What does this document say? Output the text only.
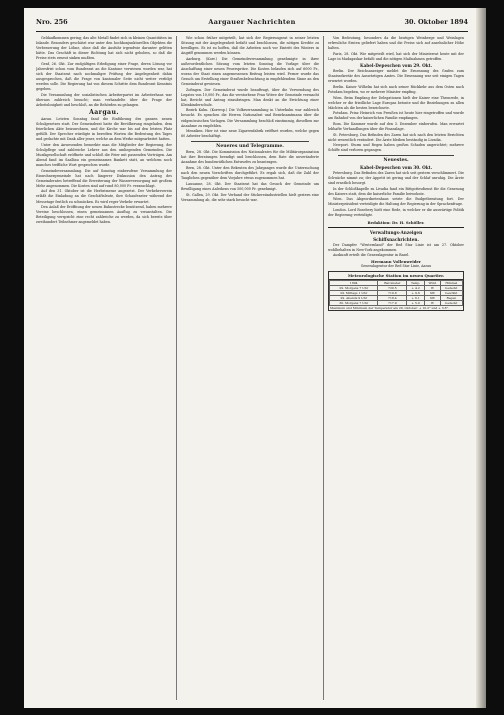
Nro. 256	Aargauer Nachrichten	30. Oktober 1894

Geldaufkommen gering; das alte Metall findet sich in kleinen Quantitäten im Inlande. Besonders geschätzt war unter den hochkonjunkturellen Objekten die Verbesserung der Löhne, ohne daß die Ausfuhr irgendwie darunter gelitten hätte. Das Geschäft in dieser Richtung hat sich nicht gehoben, so daß die Preise stets erneut sinken mußten.

Genf, 26. Okt. Zur endgültigen Erledigung einer Frage, deren Lösung vor Jahresfrist schon vom Bundesrat an die Kantone verwiesen worden war, hat sich der Staatsrat nach nochmaliger Prüfung der Angelegenheit dahin ausgesprochen, daß die Frage von kantonaler Seite nicht weiter verfolgt werden solle. Die Regierung hat von diesem Schritte dem Bundesrat Kenntnis gegeben.

Die Versammlung der sozialistischen Arbeiterpartei im Arbeiterhaus war überaus zahlreich besucht; man verhandelte über die Frage der Arbeitslosigkeit und beschloß, an die Behörden zu gelangen.

Aargau.

Aarau. Letzten Sonntag fand die Einführung des ganzen neuen Schulgesetzes statt. Der Gemeinderat hatte die Bevölkerung eingeladen, dem feierlichen Akte beizuwohnen, und die Kirche war bis auf den letzten Platz gefüllt. Der Sprecher würdigte in beredten Worten die Bedeutung des Tages und gedachte mit Dank aller jener, welche an dem Werke mitgearbeitet hatten.

Unter den Anwesenden bemerkte man die Mitglieder der Regierung, der Schulpflege und zahlreiche Lehrer aus den umliegenden Gemeinden. Die Musikgesellschaft eröffnete und schloß die Feier mit passenden Vorträgen. Am Abend fand im Saalbau ein gemeinsames Bankett statt, an welchem noch manches treffliche Wort gesprochen wurde.

Gemeindeversammlung. Die auf Sonntag einberufene Versammlung der Einwohnergemeinde hat nach längerer Diskussion den Antrag des Gemeinderates betreffend die Erweiterung der Wasserversorgung mit großem Mehr angenommen. Die Kosten sind auf rund 80,000 Fr. veranschlagt.

Auf den 31. Oktober ist die Herbstmesse angesetzt. Der Verkehrsverein erläßt die Einladung an die Geschäftsleute, ihre Schaufenster während der Messetage festlich zu schmücken. Es wird reger Verkehr erwartet.

Den Anlaß der Eröffnung der neuen Bahnstrecke benützend, haben mehrere Vereine beschlossen, einen gemeinsamen Ausflug zu veranstalten. Die Beteiligung verspricht eine recht zahlreiche zu werden, da sich bereits über zweihundert Teilnehmer angemeldet haben.

Wie schon früher mitgeteilt, hat sich der Regierungsrat in seiner letzten Sitzung mit der Angelegenheit befaßt und beschlossen, die nötigen Kredite zu bewilligen. Es ist zu hoffen, daß die Arbeiten noch vor Eintritt des Winters in Angriff genommen werden können.

Aarburg. (Korr.) Die Gemeindeversammlung genehmigte in ihrer außerordentlichen Sitzung vom letzten Sonntag die Vorlage über die Anschaffung einer neuen Feuerspritze. Die Kosten belaufen sich auf 6000 Fr., woran der Staat einen angemessenen Beitrag leisten wird. Ferner wurde das Gesuch um Erstellung einer Straßenbeleuchtung in empfehlendem Sinne an den Gemeinderat gewiesen.

Zofingen. Der Gemeinderat wurde beauftragt, über die Verwendung des Legates von 10,000 Fr., das die verstorbene Frau Witwe der Gemeinde vermacht hat, Bericht und Antrag einzubringen. Man denkt an die Errichtung einer Kleinkinderschule.

Bezirk Kulm. (Korresp.) Die Volksversammlung in Unterkulm war zahlreich besucht. Es sprachen die Herren Nationalrat und Bezirksamtmann über die eidgenössischen Vorlagen. Die Versammlung beschloß einstimmig, dieselben zur Annahme zu empfehlen.

Menziken. Hier ist eine neue Zigarrenfabrik eröffnet worden, welche gegen 60 Arbeiter beschäftigt.

Neueres und Telegramme.

Bern, 28. Okt. Die Kommission des Nationalrates für die Militärorganisation hat ihre Beratungen beendigt und beschlossen, dem Rate die unveränderte Annahme des bundesrätlichen Entwurfes zu beantragen.

Bern, 28. Okt. Unter den Rekruten des Jahrganges wurde die Untersuchung nach den neuen Vorschriften durchgeführt. Es ergab sich, daß die Zahl der Tauglichen gegenüber dem Vorjahre etwas zugenommen hat.

Lausanne, 28. Okt. Der Staatsrat hat das Gesuch der Gemeinde um Bewilligung eines Anleihens von 500,000 Fr. genehmigt.

St. Gallen, 29. Okt. Der Verband der Stickereiindustriellen hielt gestern eine Versammlung ab, die sehr stark besucht war.

Von Bedeutung, besonders da die heutigen Weinberge und Weinlagen erfreuliche Ernten geliefert haben und die Preise sich auf ansehnlicher Höhe halten.

Paris, 28. Okt. Wie mitgeteilt wird, hat sich der Ministerrat heute mit der Lage in Madagaskar befaßt und die nötigen Maßnahmen getroffen.

Kabel-Depeschen vom 29. Okt.

Berlin. Der Reichsanzeiger meldet die Ernennung des Grafen zum Staatssekretär des Auswärtigen Amtes. Die Ernennung war seit einigen Tagen erwartet worden.

Berlin. Kaiser Wilhelm hat sich nach seiner Rückkehr aus dem Osten nach Potsdam begeben, wo er mehrere Minister empfing.

Wien. Beim Empfang der Delegationen hielt der Kaiser eine Thronrede, in welcher er die friedliche Lage Europas betonte und die Beziehungen zu allen Mächten als die besten bezeichnete.

Potsdam. Prinz Heinrich von Preußen ist heute hier eingetroffen und wurde am Bahnhof von der kaiserlichen Familie empfangen.

Rom. Die Kammer wurde auf den 3. Dezember einberufen. Man erwartet lebhafte Verhandlungen über die Finanzlage.

St. Petersburg. Das Befinden des Zaren hat sich nach den letzten Berichten nicht wesentlich verändert. Die Ärzte bleiben beständig in Livadia.

Newport. Sturm und Regen haben großen Schaden angerichtet; mehrere Schiffe sind verloren gegangen.

Neuestes.
Kabel-Depeschen vom 30. Okt.

Petersburg. Das Befinden des Zaren hat sich seit gestern verschlimmert. Die Schwäche nimmt zu; der Appetit ist gering und der Schlaf unruhig. Die Ärzte sind ernstlich besorgt.

In der Schloßkapelle zu Livadia fand ein Bittgottesdienst für die Genesung des Kaisers statt, dem die kaiserliche Familie beiwohnte.

Wien. Das Abgeordnetenhaus setzte die Budgetberatung fort. Der Ministerpräsident verteidigte die Haltung der Regierung in der Sprachenfrage.

London. Lord Rosebery hielt eine Rede, in welcher er die auswärtige Politik der Regierung verteidigte.

Redaktion: Dr. H. Schöller.
Verwaltungs-Anzeigen
Schiffsnachrichten.

Der Dampfer "Westernland" der Red Star Linie ist am 27. Oktober wohlbehalten in New-York angekommen.

Auskunft erteilt die Generalagentur in Basel.

Hermann Vollenweider
Generalagentur der Red Star Linie, Aarau
Meteorologische Station im neuen Quartier.
1894	Barometer	Temp.	Wind	Himmel
29. Morgens 7 Uhr	720.5	+ 4.2	W	bedeckt
29. Mittags 1 Uhr	719.8	+ 9.6	SW	bewölkt
29. Abends 9 Uhr	718.4	+ 6.1	SW	Regen
30. Morgens 7 Uhr	717.9	+ 5.0	W	bedeckt
Maximum und Minimum der Temperatur am 29. Oktober: + 10.2° und + 3.8°.
